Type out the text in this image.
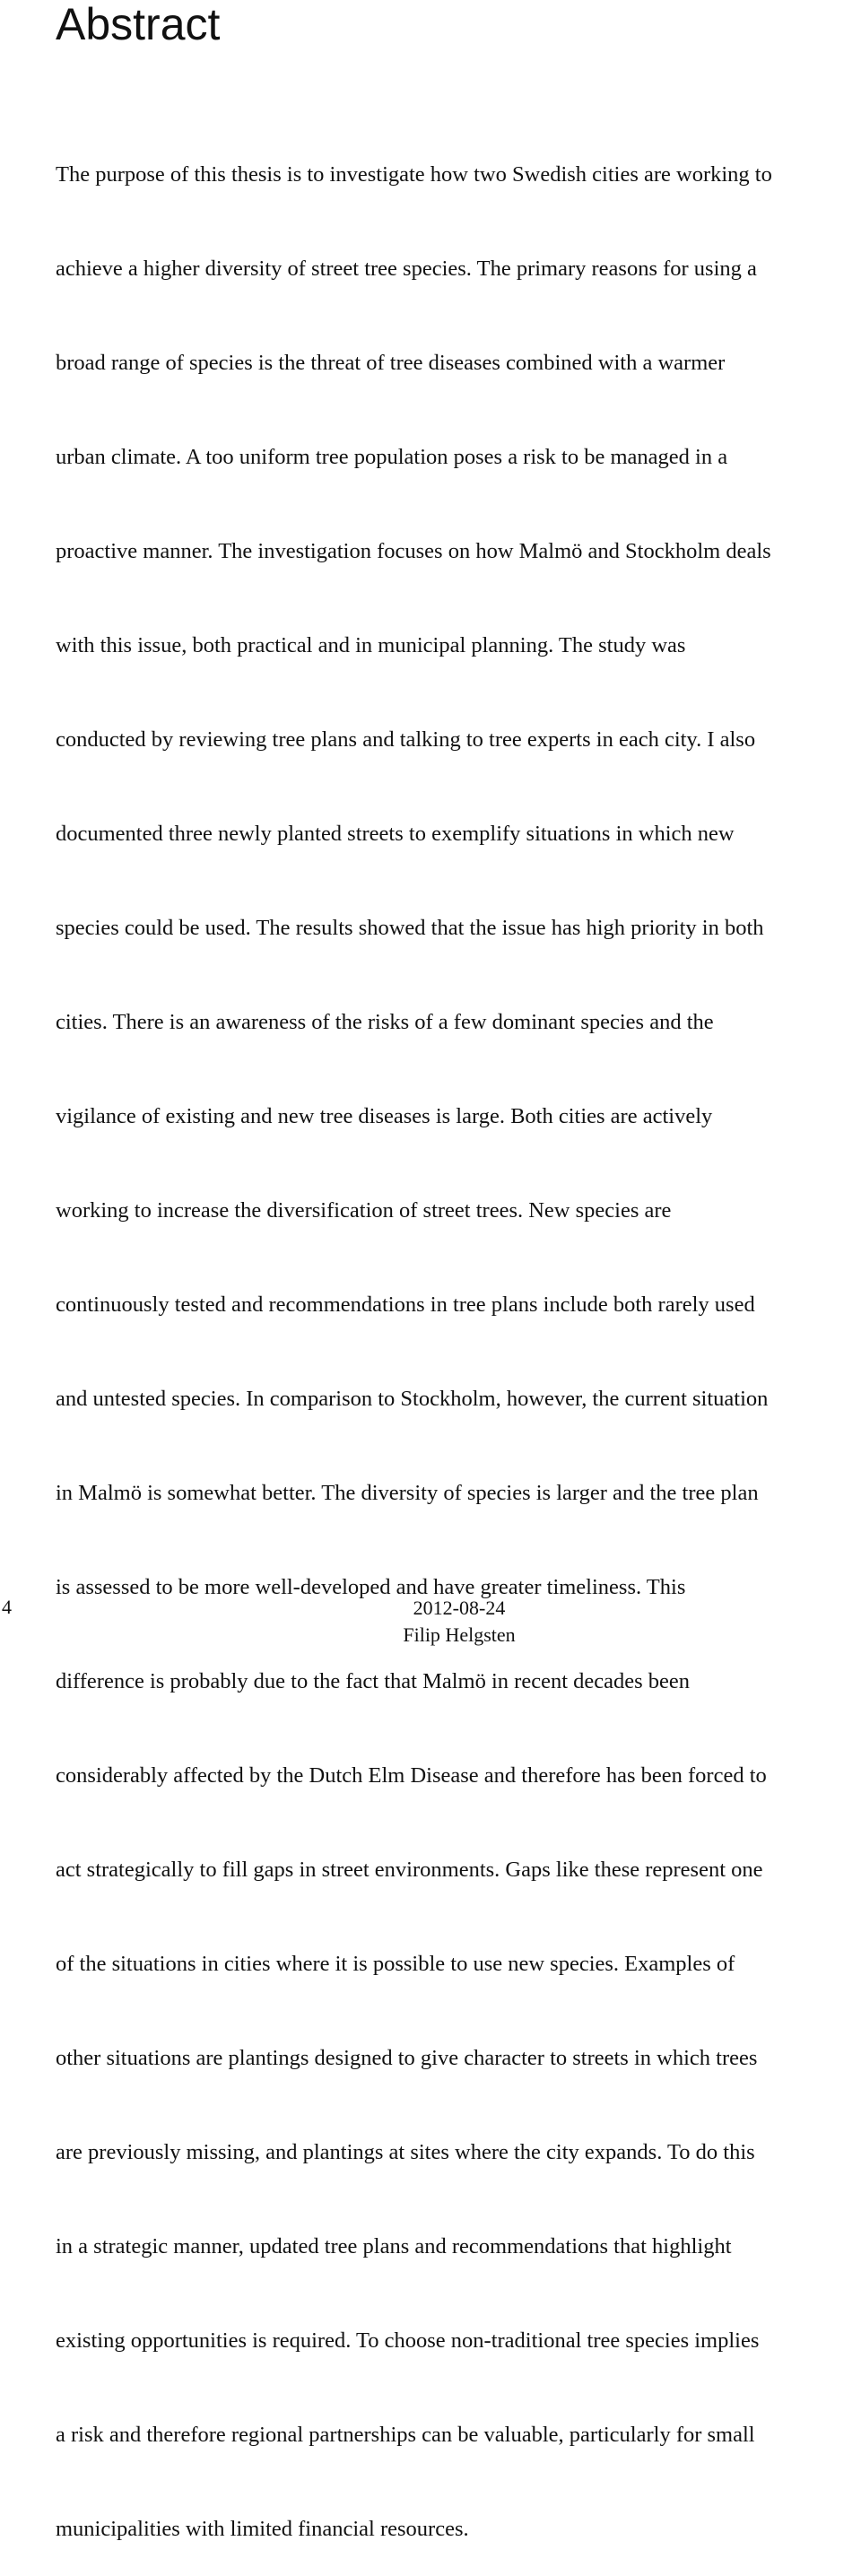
Abstract

The purpose of this thesis is to investigate how two Swedish cities are working to

achieve a higher diversity of street tree species. The primary reasons for using a

broad range of species is the threat of tree diseases combined with a warmer

urban climate. A too uniform tree population poses a risk to be managed in a

proactive manner. The investigation focuses on how Malmö and Stockholm deals

with this issue, both practical and in municipal planning. The study was

conducted by reviewing tree plans and talking to tree experts in each city. I also

documented three newly planted streets to exemplify situations in which new

species could be used. The results showed that the issue has high priority in both

cities. There is an awareness of the risks of a few dominant species and the

vigilance of existing and new tree diseases is large. Both cities are actively

working to increase the diversification of street trees. New species are

continuously tested and recommendations in tree plans include both rarely used

and untested species. In comparison to Stockholm, however, the current situation

in Malmö is somewhat better. The diversity of species is larger and the tree plan

is assessed to be more well-developed and have greater timeliness. This

difference is probably due to the fact that Malmö in recent decades been

considerably affected by the Dutch Elm Disease and therefore has been forced to

act strategically to fill gaps in street environments. Gaps like these represent one

of the situations in cities where it is possible to use new species. Examples of

other situations are plantings designed to give character to streets in which trees

are previously missing, and plantings at sites where the city expands. To do this

in a strategic manner, updated tree plans and recommendations that highlight

existing opportunities is required. To choose non-traditional tree species implies

a risk and therefore regional partnerships can be valuable, particularly for small

municipalities with limited financial resources.

4	2012-08-24
Filip Helgsten
